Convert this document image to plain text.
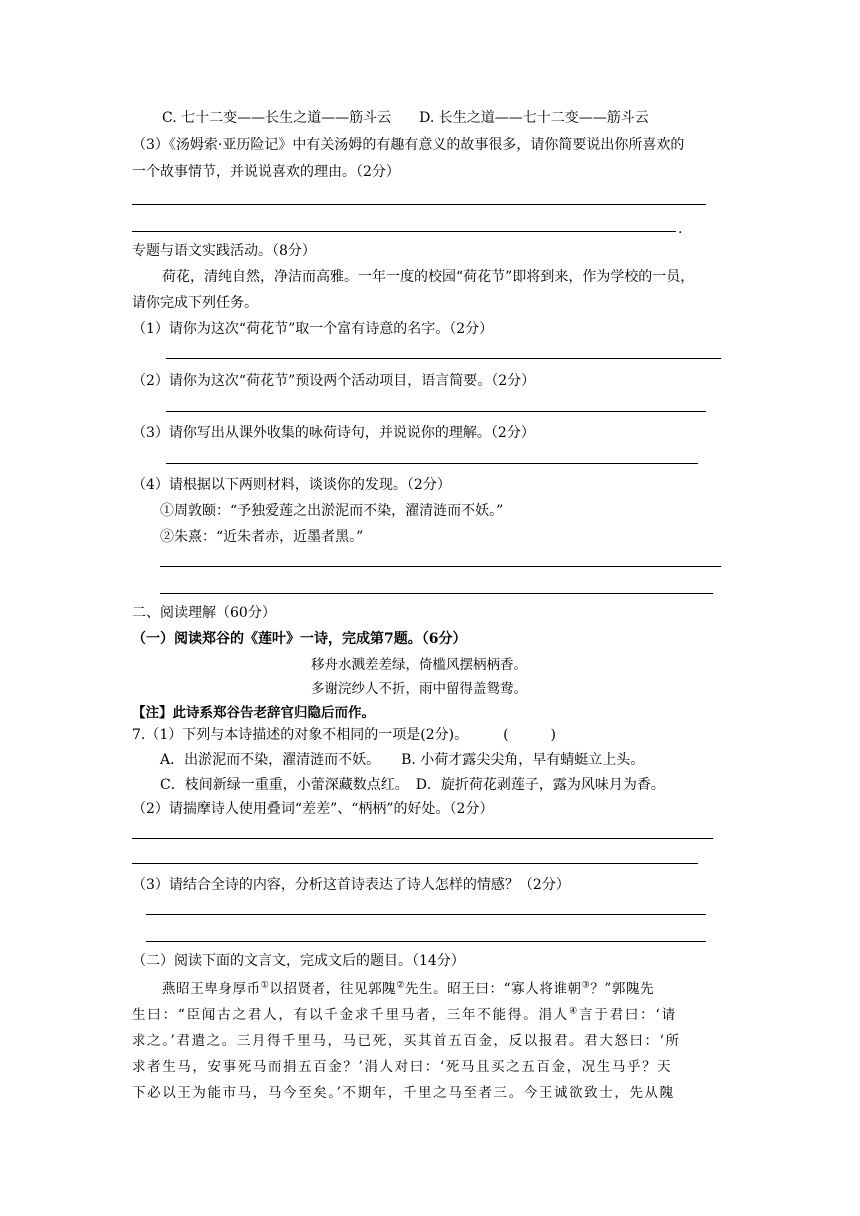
C. 七十二变——长生之道——筋斗云　　D. 长生之道——七十二变——筋斗云
（3）《汤姆索·亚历险记》中有关汤姆的有趣有意义的故事很多，请你简要说出你所喜欢的
一个故事情节，并说说喜欢的理由。（2分）
.
专题与语文实践活动。（8分）
荷花，清纯自然，净洁而高雅。一年一度的校园“荷花节”即将到来，作为学校的一员，
请你完成下列任务。
（1）请你为这次“荷花节”取一个富有诗意的名字。（2分）
（2）请你为这次“荷花节”预设两个活动项目，语言简要。（2分）
（3）请你写出从课外收集的咏荷诗句，并说说你的理解。（2分）
（4）请根据以下两则材料，谈谈你的发现。（2分）
①周敦颐：“予独爱莲之出淤泥而不染，濯清涟而不妖。”
②朱熹：“近朱者赤，近墨者黑。”
二、阅读理解（60分）
（一）阅读郑谷的《莲叶》一诗，完成第7题。（6分）
移舟水溅差差绿，倚槛风摆柄柄香。
多谢浣纱人不折，雨中留得盖鸳鸯。
【注】此诗系郑谷告老辞官归隐后而作。
7.（1）下列与本诗描述的对象不相同的一项是(2分)。　　　(　　　)
A．出淤泥而不染，濯清涟而不妖。　　B. 小荷才露尖尖角，早有蜻蜓立上头。
C．枝间新绿一重重，小蕾深藏数点红。　D．旋折荷花剥莲子，露为风味月为香。
（2）请揣摩诗人使用叠词“差差”、“柄柄”的好处。（2分）
（3）请结合全诗的内容，分析这首诗表达了诗人怎样的情感？（2分）
（二）阅读下面的文言文，完成文后的题目。（14分）
燕昭王卑身厚币①以招贤者，往见郭隗②先生。昭王曰：“寡人将谁朝③？”郭隗先
生曰：“臣闻古之君人，有以千金求千里马者，三年不能得。涓人④言于君曰：‘请
求之。’君遣之。三月得千里马，马已死，买其首五百金，反以报君。君大怒曰：‘所
求者生马，安事死马而捐五百金？’涓人对曰：‘死马且买之五百金，况生马乎？天
下必以王为能市马，马今至矣。’不期年，千里之马至者三。今王诚欲致士，先从隗
